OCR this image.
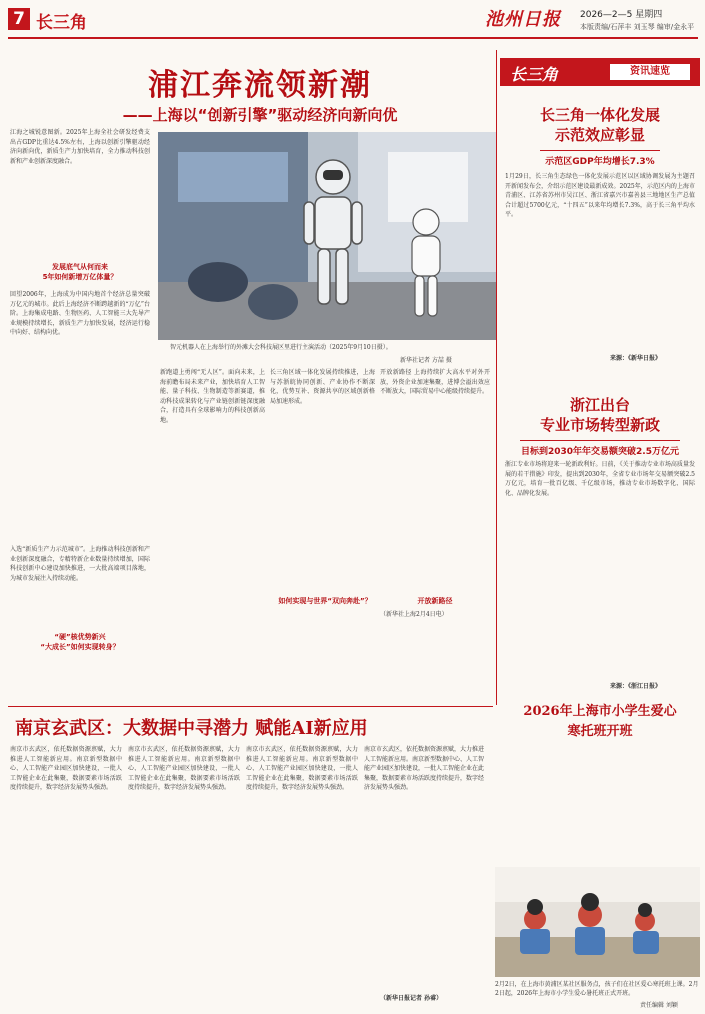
7 长三角	池州日报 2026—2—5 星期四
本版责编/石萍丰 刘玉琴 编审/金永平
浦江奔流领新潮
——上海以“创新引擎”驱动经济向新向优
江海之城锐意图新。2025年上海全社会研发经费支出占GDP比重达4.5%左右，上海以创新引擎驱动经济向新向优，新质生产力加快培育，全力推动科技创新和产业创新深度融合。
发展底气从何而来
5年如何新增万亿体量？
回望2006年，上海成为中国内地首个经济总量突破万亿元的城市。此后上海经济不断跨越新的“万亿”台阶。上海集成电路、生物医药、人工智能三大先导产业规模持续增长，新质生产力加快发展，经济运行稳中向好、结构向优。
入选“新质生产力示范城市”。上海推动科技创新和产业创新深度融合，专精特新企业数量持续增加，国际科技创新中心建设加快推进，一大批高端项目落地，为城市发展注入持续动能。
“硬”核优势新兴
“大成长”如何实现转身？
智元机器人在上海举行的外滩大会科技展区里进行主演活动（2025年9月10日摄）。
新华社记者 方喆 摄
新跑道上勇闯“无人区”。面向未来，上海前瞻布局未来产业，加快培育人工智能、量子科技、生物制造等新赛道，推动科技成果转化与产业链创新链深度融合，打造具有全球影响力的科技创新高地。
长三角区域一体化发展持续推进，上海与苏浙皖协同创新、产业协作不断深化，优势互补、资源共享的区域创新格局加速形成。
如何实现与世界“双向奔赴”？	开放新路径
开放新路径 上海持续扩大高水平对外开放，外资企业加速集聚，进博会溢出效应不断放大，国际贸易中心能级持续提升。
（新华社上海2月4日电）
长三角	资讯速览
长三角一体化发展
示范效应彰显
示范区GDP年均增长7.3%
1月29日，长三角生态绿色一体化发展示范区以区域协调发展为主题召开新闻发布会，介绍示范区建设最新成效。2025年，示范区内的上海市青浦区、江苏省苏州市吴江区、浙江省嘉兴市嘉善县三地地区生产总值合计超过5700亿元，“十四五”以来年均增长7.3%，高于长三角平均水平。
来源：《新华日报》
浙江出台
专业市场转型新政
目标到2030年年交易额突破2.5万亿元
浙江专业市场将迎来一轮新政利好。日前，《关于推动专业市场高质量发展的若干措施》印发，提出到2030年，全省专业市场年交易额突破2.5万亿元，培育一批百亿级、千亿级市场，推动专业市场数字化、国际化、品牌化发展。
来源：《浙江日报》
2026年上海市小学生爱心
寒托班开班
2月2日，在上海市黄浦区某社区服务点，孩子们在社区爱心寒托班上课。2月2日起，2026年上海市小学生爱心暑托班正式开班。
责任编辑 刘颖
南京玄武区：大数据中寻潜力 赋能AI新应用
南京市玄武区，依托数据资源禀赋，大力推进人工智能新应用。南京新型数据中心、人工智能产业园区加快建设，一批人工智能企业在此集聚，数据要素市场活跃度持续提升，数字经济发展势头强劲。
南京市玄武区，依托数据资源禀赋，大力推进人工智能新应用。南京新型数据中心、人工智能产业园区加快建设，一批人工智能企业在此集聚，数据要素市场活跃度持续提升，数字经济发展势头强劲。
南京市玄武区，依托数据资源禀赋，大力推进人工智能新应用。南京新型数据中心、人工智能产业园区加快建设，一批人工智能企业在此集聚，数据要素市场活跃度持续提升，数字经济发展势头强劲。
南京市玄武区，依托数据资源禀赋，大力推进人工智能新应用。南京新型数据中心、人工智能产业园区加快建设，一批人工智能企业在此集聚，数据要素市场活跃度持续提升，数字经济发展势头强劲。
（新华日报记者 孙睿）
